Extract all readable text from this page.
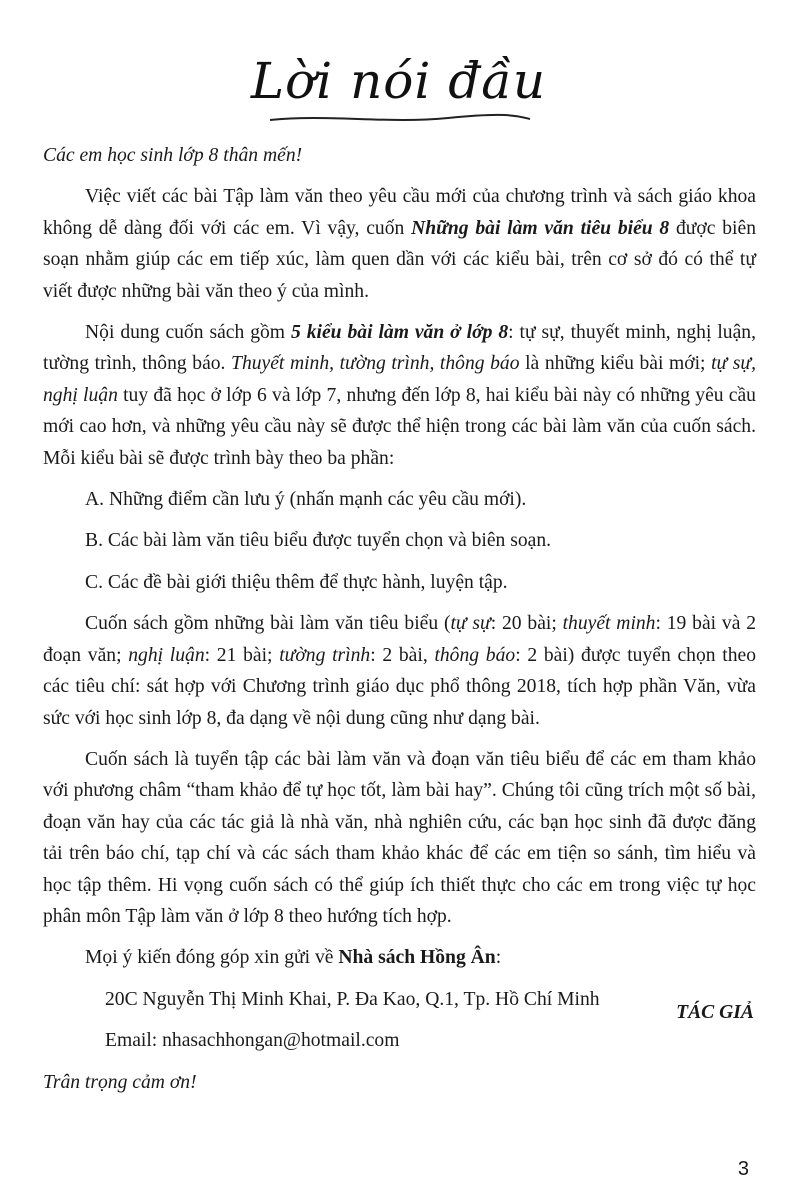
Lời nói đầu

Các em học sinh lớp 8 thân mến!

Việc viết các bài Tập làm văn theo yêu cầu mới của chương trình và sách giáo khoa không dễ dàng đối với các em. Vì vậy, cuốn Những bài làm văn tiêu biểu 8 được biên soạn nhằm giúp các em tiếp xúc, làm quen dần với các kiểu bài, trên cơ sở đó có thể tự viết được những bài văn theo ý của mình.

Nội dung cuốn sách gồm 5 kiểu bài làm văn ở lớp 8: tự sự, thuyết minh, nghị luận, tường trình, thông báo. Thuyết minh, tường trình, thông báo là những kiểu bài mới; tự sự, nghị luận tuy đã học ở lớp 6 và lớp 7, nhưng đến lớp 8, hai kiểu bài này có những yêu cầu mới cao hơn, và những yêu cầu này sẽ được thể hiện trong các bài làm văn của cuốn sách. Mỗi kiểu bài sẽ được trình bày theo ba phần:

A. Những điểm cần lưu ý (nhấn mạnh các yêu cầu mới).

B. Các bài làm văn tiêu biểu được tuyển chọn và biên soạn.

C. Các đề bài giới thiệu thêm để thực hành, luyện tập.

Cuốn sách gồm những bài làm văn tiêu biểu (tự sự: 20 bài; thuyết minh: 19 bài và 2 đoạn văn; nghị luận: 21 bài; tường trình: 2 bài, thông báo: 2 bài) được tuyển chọn theo các tiêu chí: sát hợp với Chương trình giáo dục phổ thông 2018, tích hợp phần Văn, vừa sức với học sinh lớp 8, đa dạng về nội dung cũng như dạng bài.

Cuốn sách là tuyển tập các bài làm văn và đoạn văn tiêu biểu để các em tham khảo với phương châm “tham khảo để tự học tốt, làm bài hay”. Chúng tôi cũng trích một số bài, đoạn văn hay của các tác giả là nhà văn, nhà nghiên cứu, các bạn học sinh đã được đăng tải trên báo chí, tạp chí và các sách tham khảo khác để các em tiện so sánh, tìm hiểu và học tập thêm. Hi vọng cuốn sách có thể giúp ích thiết thực cho các em trong việc tự học phân môn Tập làm văn ở lớp 8 theo hướng tích hợp.

Mọi ý kiến đóng góp xin gửi về Nhà sách Hồng Ân:

20C Nguyễn Thị Minh Khai, P. Đa Kao, Q.1, Tp. Hồ Chí Minh

Email: nhasachhongan@hotmail.com

Trân trọng cảm ơn!

TÁC GIẢ
3
